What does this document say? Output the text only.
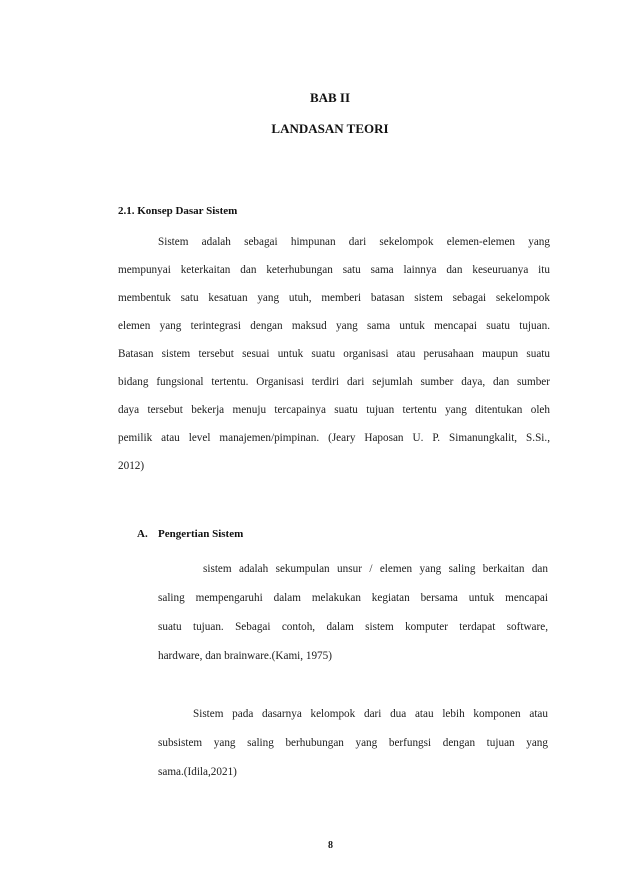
BAB II
LANDASAN TEORI
2.1. Konsep Dasar Sistem
Sistem adalah sebagai himpunan dari sekelompok elemen-elemen yang
mempunyai keterkaitan dan keterhubungan satu sama lainnya dan keseuruanya itu
membentuk satu kesatuan yang utuh, memberi batasan sistem sebagai sekelompok
elemen yang terintegrasi dengan maksud yang sama untuk mencapai suatu tujuan.
Batasan sistem tersebut sesuai untuk suatu organisasi atau perusahaan maupun suatu
bidang fungsional tertentu. Organisasi terdiri dari sejumlah sumber daya, dan sumber
daya tersebut bekerja menuju tercapainya suatu tujuan tertentu yang ditentukan oleh
pemilik atau level manajemen/pimpinan. (Jeary Haposan U. P. Simanungkalit, S.Si.,
2012)
A. Pengertian Sistem
sistem adalah sekumpulan unsur / elemen yang saling berkaitan dan
saling mempengaruhi dalam melakukan kegiatan bersama untuk mencapai
suatu tujuan. Sebagai contoh, dalam sistem komputer terdapat software,
hardware, dan brainware.(Kami, 1975)
Sistem pada dasarnya kelompok dari dua atau lebih komponen atau
subsistem yang saling berhubungan yang berfungsi dengan tujuan yang
sama.(Idila,2021)
8
